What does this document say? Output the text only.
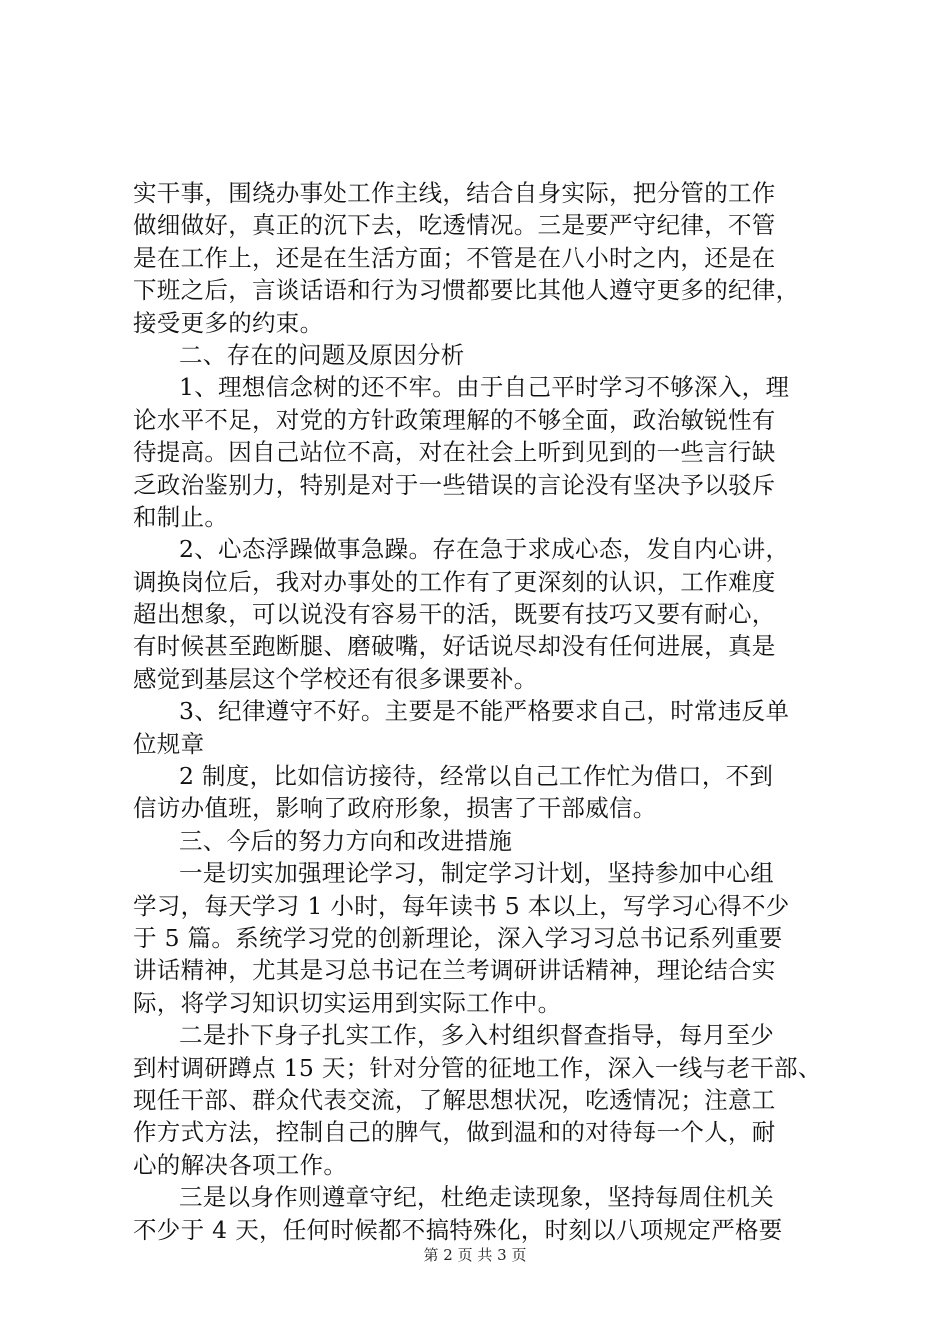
实干事，围绕办事处工作主线，结合自身实际，把分管的工作
做细做好，真正的沉下去，吃透情况。三是要严守纪律，不管
是在工作上，还是在生活方面；不管是在八小时之内，还是在
下班之后，言谈话语和行为习惯都要比其他人遵守更多的纪律，
接受更多的约束。
二、存在的问题及原因分析
1、理想信念树的还不牢。由于自己平时学习不够深入，理
论水平不足，对党的方针政策理解的不够全面，政治敏锐性有
待提高。因自己站位不高，对在社会上听到见到的一些言行缺
乏政治鉴别力，特别是对于一些错误的言论没有坚决予以驳斥
和制止。
2、心态浮躁做事急躁。存在急于求成心态，发自内心讲，
调换岗位后，我对办事处的工作有了更深刻的认识，工作难度
超出想象，可以说没有容易干的活，既要有技巧又要有耐心，
有时候甚至跑断腿、磨破嘴，好话说尽却没有任何进展，真是
感觉到基层这个学校还有很多课要补。
3、纪律遵守不好。主要是不能严格要求自己，时常违反单
位规章
2 制度，比如信访接待，经常以自己工作忙为借口，不到
信访办值班，影响了政府形象，损害了干部威信。
三、今后的努力方向和改进措施
一是切实加强理论学习，制定学习计划，坚持参加中心组
学习，每天学习 1 小时，每年读书 5 本以上，写学习心得不少
于 5 篇。系统学习党的创新理论，深入学习习总书记系列重要
讲话精神，尤其是习总书记在兰考调研讲话精神，理论结合实
际，将学习知识切实运用到实际工作中。
二是扑下身子扎实工作，多入村组织督查指导，每月至少
到村调研蹲点 15 天；针对分管的征地工作，深入一线与老干部、
现任干部、群众代表交流，了解思想状况，吃透情况；注意工
作方式方法，控制自己的脾气，做到温和的对待每一个人，耐
心的解决各项工作。
三是以身作则遵章守纪，杜绝走读现象，坚持每周住机关
不少于 4 天，任何时候都不搞特殊化，时刻以八项规定严格要
第 2 页 共 3 页
